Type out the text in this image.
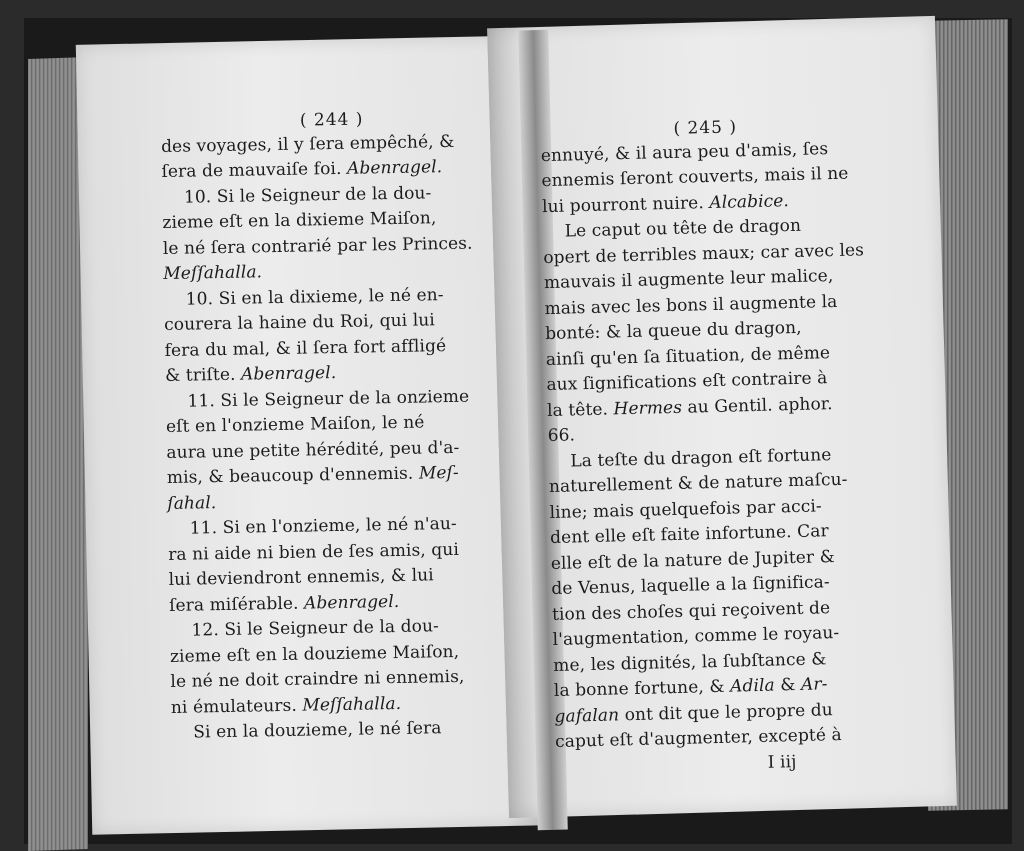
( 244 )
des voyages, il y ſera empêché, &
ſera de mauvaiſe foi. Abenragel.
10. Si le Seigneur de la dou-
zieme eſt en la dixieme Maiſon,
le né ſera contrarié par les Princes.
Meſſahalla.
10. Si en la dixieme, le né en-
courera la haine du Roi, qui lui
fera du mal, & il ſera fort affligé
& triſte. Abenragel.
11. Si le Seigneur de la onzieme
eſt en l'onzieme Maiſon, le né
aura une petite hérédité, peu d'a-
mis, & beaucoup d'ennemis. Meſ-
ſahal.
11. Si en l'onzieme, le né n'au-
ra ni aide ni bien de ſes amis, qui
lui deviendront ennemis, & lui
ſera miſérable. Abenragel.
12. Si le Seigneur de la dou-
zieme eſt en la douzieme Maiſon,
le né ne doit craindre ni ennemis,
ni émulateurs. Meſſahalla.
Si en la douzieme, le né ſera
( 245 )
ennuyé, & il aura peu d'amis, ſes
ennemis ſeront couverts, mais il ne
lui pourront nuire. Alcabice.
Le caput ou tête de dragon
opert de terribles maux; car avec les
mauvais il augmente leur malice,
mais avec les bons il augmente la
bonté: & la queue du dragon,
ainſi qu'en ſa ſituation, de même
aux ſignifications eſt contraire à
la tête. Hermes au Gentil. aphor.
66.
La teſte du dragon eſt fortune
naturellement & de nature maſcu-
line; mais quelquefois par acci-
dent elle eſt faite infortune. Car
elle eſt de la nature de Jupiter &
de Venus, laquelle a la ſignifica-
tion des choſes qui reçoivent de
l'augmentation, comme le royau-
me, les dignités, la ſubſtance &
la bonne fortune, & Adila & Ar-
gafalan ont dit que le propre du
caput eſt d'augmenter, excepté à
I iij
